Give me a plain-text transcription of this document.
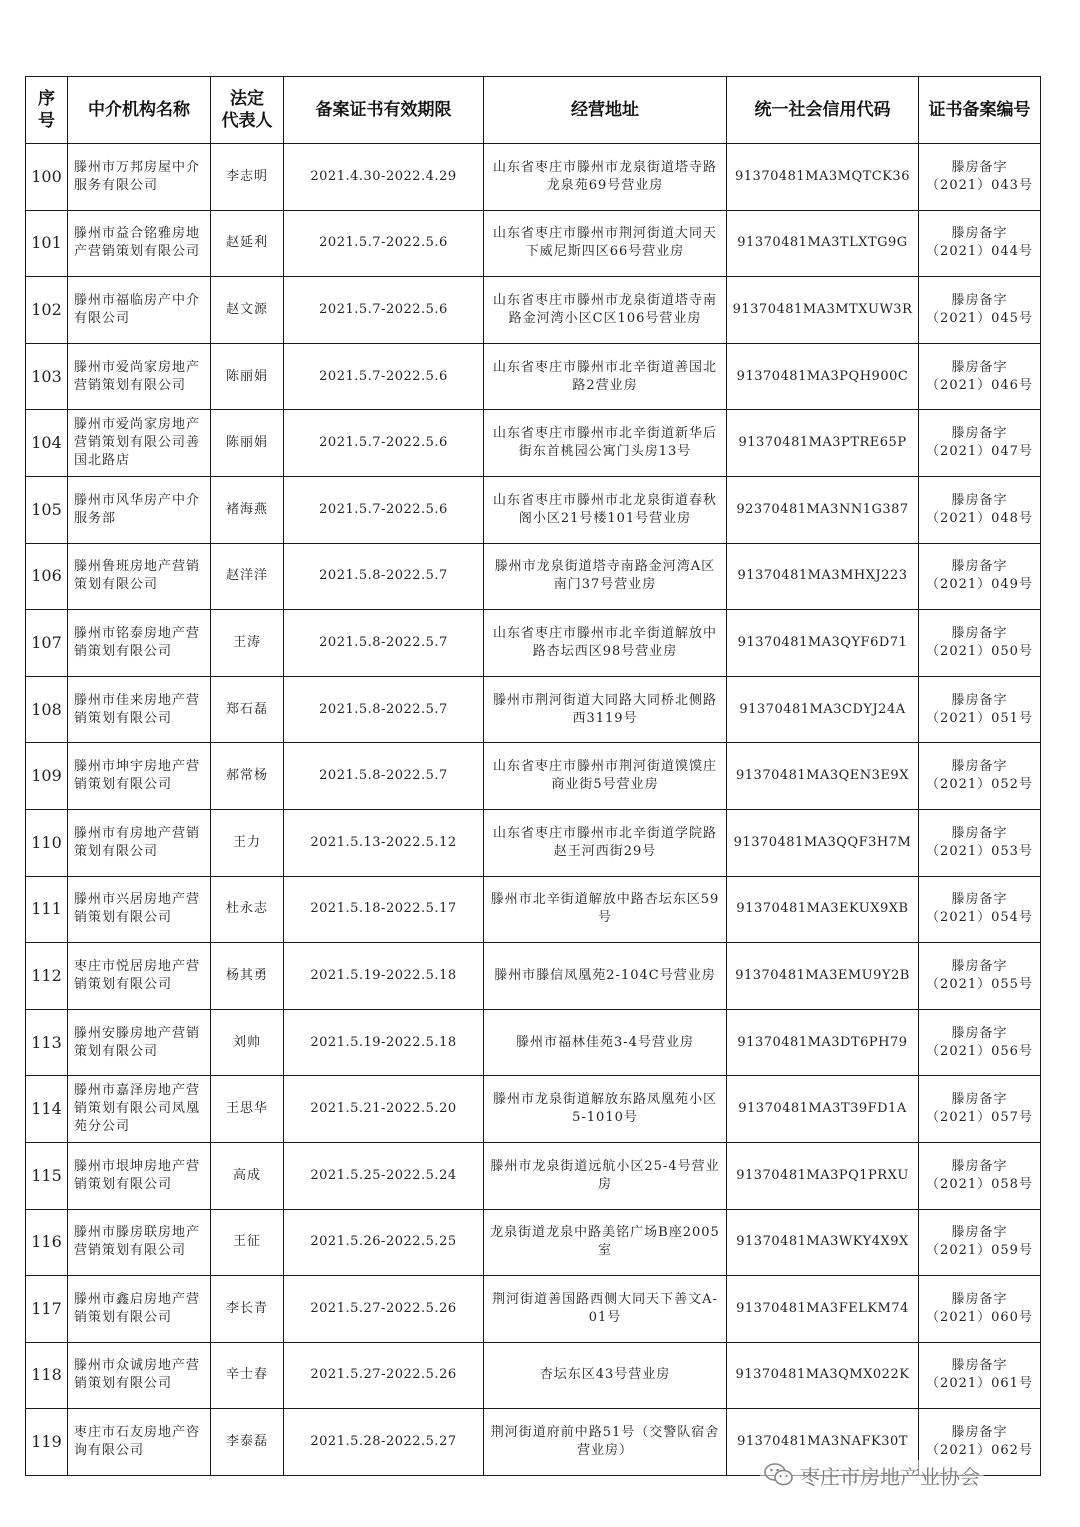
序
号	中介机构名称	法定
代表人	备案证书有效期限	经营地址	统一社会信用代码	证书备案编号
100	滕州市万邦房屋中介服务有限公司	李志明	2021.4.30-2022.4.29	山东省枣庄市滕州市龙泉街道塔寺路龙泉苑69号营业房	91370481MA3MQTCK36	滕房备字
（2021）043号
101	滕州市益合铭雅房地产营销策划有限公司	赵延利	2021.5.7-2022.5.6	山东省枣庄市滕州市荆河街道大同天下威尼斯四区66号营业房	91370481MA3TLXTG9G	滕房备字
（2021）044号
102	滕州市福临房产中介有限公司	赵文源	2021.5.7-2022.5.6	山东省枣庄市滕州市龙泉街道塔寺南路金河湾小区C区106号营业房	91370481MA3MTXUW3R	滕房备字
（2021）045号
103	滕州市爱尚家房地产营销策划有限公司	陈丽娟	2021.5.7-2022.5.6	山东省枣庄市滕州市北辛街道善国北路2营业房	91370481MA3PQH900C	滕房备字
（2021）046号
104	滕州市爱尚家房地产营销策划有限公司善国北路店	陈丽娟	2021.5.7-2022.5.6	山东省枣庄市滕州市北辛街道新华后街东首桃园公寓门头房13号	91370481MA3PTRE65P	滕房备字
（2021）047号
105	滕州市风华房产中介服务部	褚海燕	2021.5.7-2022.5.6	山东省枣庄市滕州市北龙泉街道春秋阁小区21号楼101号营业房	92370481MA3NN1G387	滕房备字
（2021）048号
106	滕州鲁班房地产营销策划有限公司	赵洋洋	2021.5.8-2022.5.7	滕州市龙泉街道塔寺南路金河湾A区南门37号营业房	91370481MA3MHXJ223	滕房备字
（2021）049号
107	滕州市铭泰房地产营销策划有限公司	王涛	2021.5.8-2022.5.7	山东省枣庄市滕州市北辛街道解放中路杏坛西区98号营业房	91370481MA3QYF6D71	滕房备字
（2021）050号
108	滕州市佳来房地产营销策划有限公司	郑石磊	2021.5.8-2022.5.7	滕州市荆河街道大同路大同桥北侧路西3119号	91370481MA3CDYJ24A	滕房备字
（2021）051号
109	滕州市坤宇房地产营销策划有限公司	郝常杨	2021.5.8-2022.5.7	山东省枣庄市滕州市荆河街道馍馍庄商业街5号营业房	91370481MA3QEN3E9X	滕房备字
（2021）052号
110	滕州市有房地产营销策划有限公司	王力	2021.5.13-2022.5.12	山东省枣庄市滕州市北辛街道学院路赵王河西街29号	91370481MA3QQF3H7M	滕房备字
（2021）053号
111	滕州市兴居房地产营销策划有限公司	杜永志	2021.5.18-2022.5.17	滕州市北辛街道解放中路杏坛东区59号	91370481MA3EKUX9XB	滕房备字
（2021）054号
112	枣庄市悦居房地产营销策划有限公司	杨其勇	2021.5.19-2022.5.18	滕州市滕信凤凰苑2-104C号营业房	91370481MA3EMU9Y2B	滕房备字
（2021）055号
113	滕州安滕房地产营销策划有限公司	刘帅	2021.5.19-2022.5.18	滕州市福林佳苑3-4号营业房	91370481MA3DT6PH79	滕房备字
（2021）056号
114	滕州市嘉泽房地产营销策划有限公司凤凰苑分公司	王思华	2021.5.21-2022.5.20	滕州市龙泉街道解放东路凤凰苑小区5-1010号	91370481MA3T39FD1A	滕房备字
（2021）057号
115	滕州市垠坤房地产营销策划有限公司	高成	2021.5.25-2022.5.24	滕州市龙泉街道远航小区25-4号营业房	91370481MA3PQ1PRXU	滕房备字
（2021）058号
116	滕州市滕房联房地产营销策划有限公司	王征	2021.5.26-2022.5.25	龙泉街道龙泉中路美铭广场B座2005室	91370481MA3WKY4X9X	滕房备字
（2021）059号
117	滕州市鑫启房地产营销策划有限公司	李长青	2021.5.27-2022.5.26	荆河街道善国路西侧大同天下善文A-01号	91370481MA3FELKM74	滕房备字
（2021）060号
118	滕州市众诚房地产营销策划有限公司	辛士春	2021.5.27-2022.5.26	杏坛东区43号营业房	91370481MA3QMX022K	滕房备字
（2021）061号
119	枣庄市石友房地产咨询有限公司	李泰磊	2021.5.28-2022.5.27	荆河街道府前中路51号（交警队宿舍营业房）	91370481MA3NAFK30T	滕房备字
（2021）062号
枣庄市房地产业协会
